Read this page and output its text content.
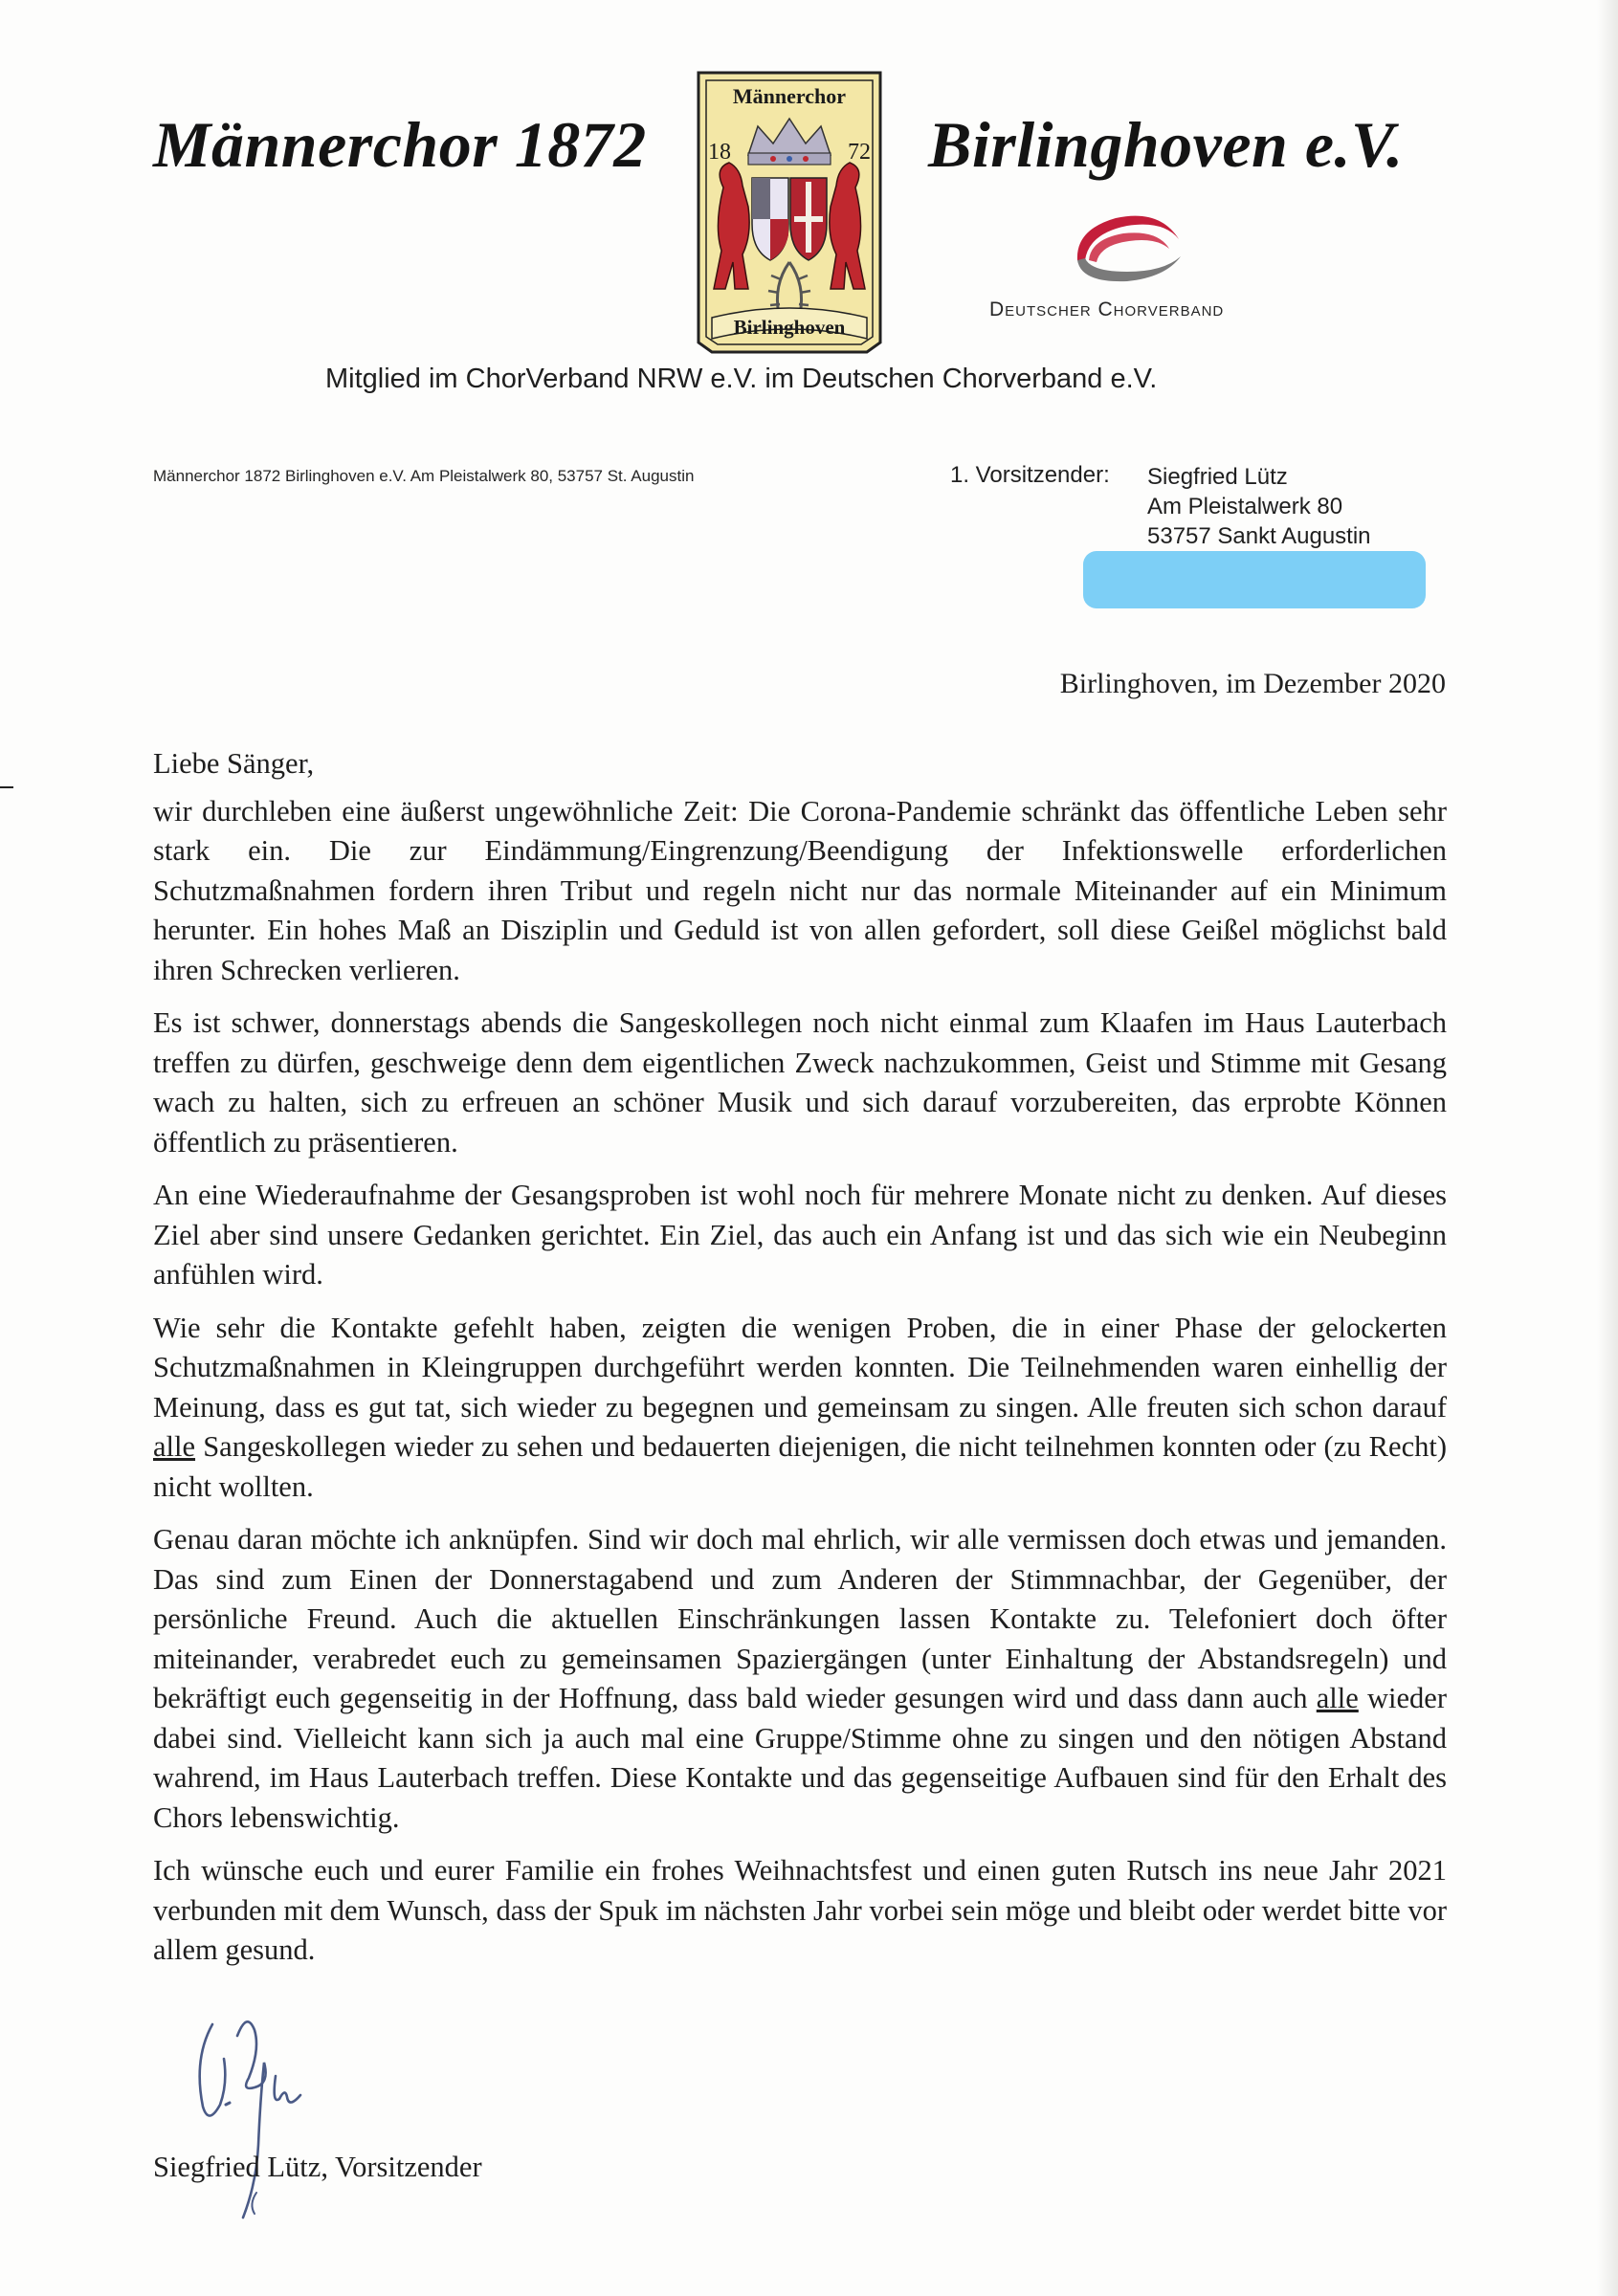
Männerchor 1872
Männerchor
18	72
Birlinghoven
Birlinghoven e.V.
Deutscher Chorverband
Mitglied im ChorVerband NRW e.V. im Deutschen Chorverband e.V.
Männerchor 1872 Birlinghoven e.V. Am Pleistalwerk 80, 53757 St. Augustin	1. Vorsitzender: Siegfried Lütz
Am Pleistalwerk 80
53757 Sankt Augustin
Birlinghoven, im Dezember 2020

Liebe Sänger,

wir durchleben eine äußerst ungewöhnliche Zeit: Die Corona-Pandemie schränkt das öffentliche Leben sehr stark ein. Die zur Eindämmung/Eingrenzung/Beendigung der Infektionswelle erforderlichen Schutzmaßnahmen fordern ihren Tribut und regeln nicht nur das normale Miteinander auf ein Minimum herunter. Ein hohes Maß an Disziplin und Geduld ist von allen gefordert, soll diese Geißel möglichst bald ihren Schrecken verlieren.

Es ist schwer, donnerstags abends die Sangeskollegen noch nicht einmal zum Klaafen im Haus Lauterbach treffen zu dürfen, geschweige denn dem eigentlichen Zweck nachzukommen, Geist und Stimme mit Gesang wach zu halten, sich zu erfreuen an schöner Musik und sich darauf vorzubereiten, das erprobte Können öffentlich zu präsentieren.

An eine Wiederaufnahme der Gesangsproben ist wohl noch für mehrere Monate nicht zu denken. Auf dieses Ziel aber sind unsere Gedanken gerichtet. Ein Ziel, das auch ein Anfang ist und das sich wie ein Neubeginn anfühlen wird.

Wie sehr die Kontakte gefehlt haben, zeigten die wenigen Proben, die in einer Phase der gelockerten Schutzmaßnahmen in Kleingruppen durchgeführt werden konnten. Die Teilnehmenden waren einhellig der Meinung, dass es gut tat, sich wieder zu begegnen und gemeinsam zu singen. Alle freuten sich schon darauf alle Sangeskollegen wieder zu sehen und bedauerten diejenigen, die nicht teilnehmen konnten oder (zu Recht) nicht wollten.

Genau daran möchte ich anknüpfen. Sind wir doch mal ehrlich, wir alle vermissen doch etwas und jemanden. Das sind zum Einen der Donnerstagabend und zum Anderen der Stimmnachbar, der Gegenüber, der persönliche Freund. Auch die aktuellen Einschränkungen lassen Kontakte zu. Telefoniert doch öfter miteinander, verabredet euch zu gemeinsamen Spaziergängen (unter Einhaltung der Abstandsregeln) und bekräftigt euch gegenseitig in der Hoffnung, dass bald wieder gesungen wird und dass dann auch alle wieder dabei sind. Vielleicht kann sich ja auch mal eine Gruppe/Stimme ohne zu singen und den nötigen Abstand wahrend, im Haus Lauterbach treffen. Diese Kontakte und das gegenseitige Aufbauen sind für den Erhalt des Chors lebenswichtig.

Ich wünsche euch und eurer Familie ein frohes Weihnachtsfest und einen guten Rutsch ins neue Jahr 2021 verbunden mit dem Wunsch, dass der Spuk im nächsten Jahr vorbei sein möge und bleibt oder werdet bitte vor allem gesund.

Siegfried Lütz, Vorsitzender
